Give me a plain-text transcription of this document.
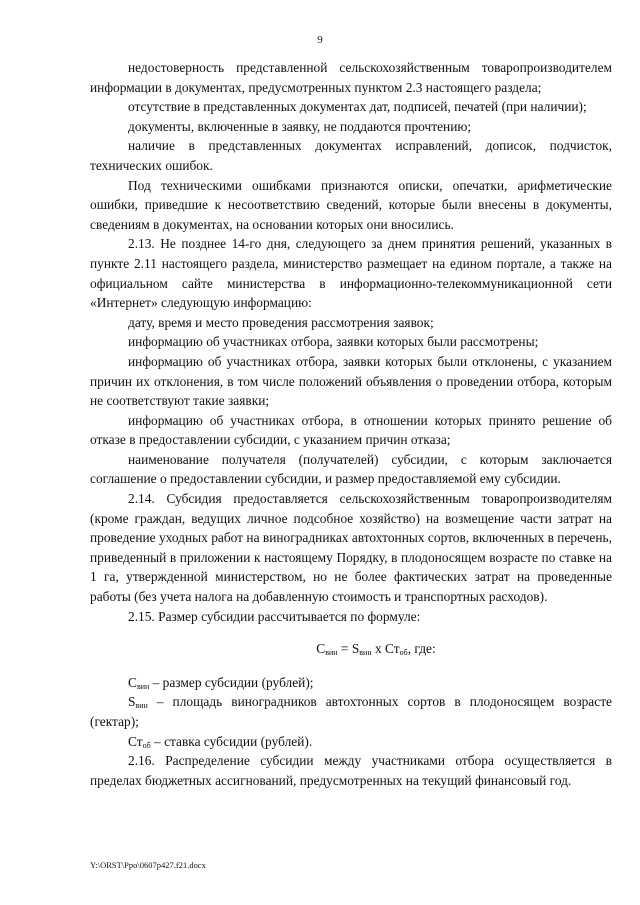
9

недостоверность представленной сельскохозяйственным товаропроизводителем информации в документах, предусмотренных пунктом 2.3 настоящего раздела;

отсутствие в представленных документах дат, подписей, печатей (при наличии);

документы, включенные в заявку, не поддаются прочтению;

наличие в представленных документах исправлений, дописок, подчисток, технических ошибок.

Под техническими ошибками признаются описки, опечатки, арифметические ошибки, приведшие к несоответствию сведений, которые были внесены в документы, сведениям в документах, на основании которых они вносились.

2.13. Не позднее 14-го дня, следующего за днем принятия решений, указанных в пункте 2.11 настоящего раздела, министерство размещает на едином портале, а также на официальном сайте министерства в информационно-телекоммуникационной сети «Интернет» следующую информацию:

дату, время и место проведения рассмотрения заявок;

информацию об участниках отбора, заявки которых были рассмотрены;

информацию об участниках отбора, заявки которых были отклонены, с указанием причин их отклонения, в том числе положений объявления о проведении отбора, которым не соответствуют такие заявки;

информацию об участниках отбора, в отношении которых принято решение об отказе в предоставлении субсидии, с указанием причин отказа;

наименование получателя (получателей) субсидии, с которым заключается соглашение о предоставлении субсидии, и размер предоставляемой ему субсидии.

2.14. Субсидия предоставляется сельскохозяйственным товаропроизводителям (кроме граждан, ведущих личное подсобное хозяйство) на возмещение части затрат на проведение уходных работ на виноградниках автохтонных сортов, включенных в перечень, приведенный в приложении к настоящему Порядку, в плодоносящем возрасте по ставке на 1 га, утвержденной министерством, но не более фактических затрат на проведенные работы (без учета налога на добавленную стоимость и транспортных расходов).

2.15. Размер субсидии рассчитывается по формуле:

$С_{вин} = S_{вин}$ х $Ст_{об}$, где:

$С_{вин}$ – размер субсидии (рублей);

$S_{вин}$ – площадь виноградников автохтонных сортов в плодоносящем возрасте (гектар);

$Ст_{об}$ – ставка субсидии (рублей).

2.16. Распределение субсидии между участниками отбора осуществляется в пределах бюджетных ассигнований, предусмотренных на текущий финансовый год.

Y:\ORST\Ppo\0607p427.f21.docx
